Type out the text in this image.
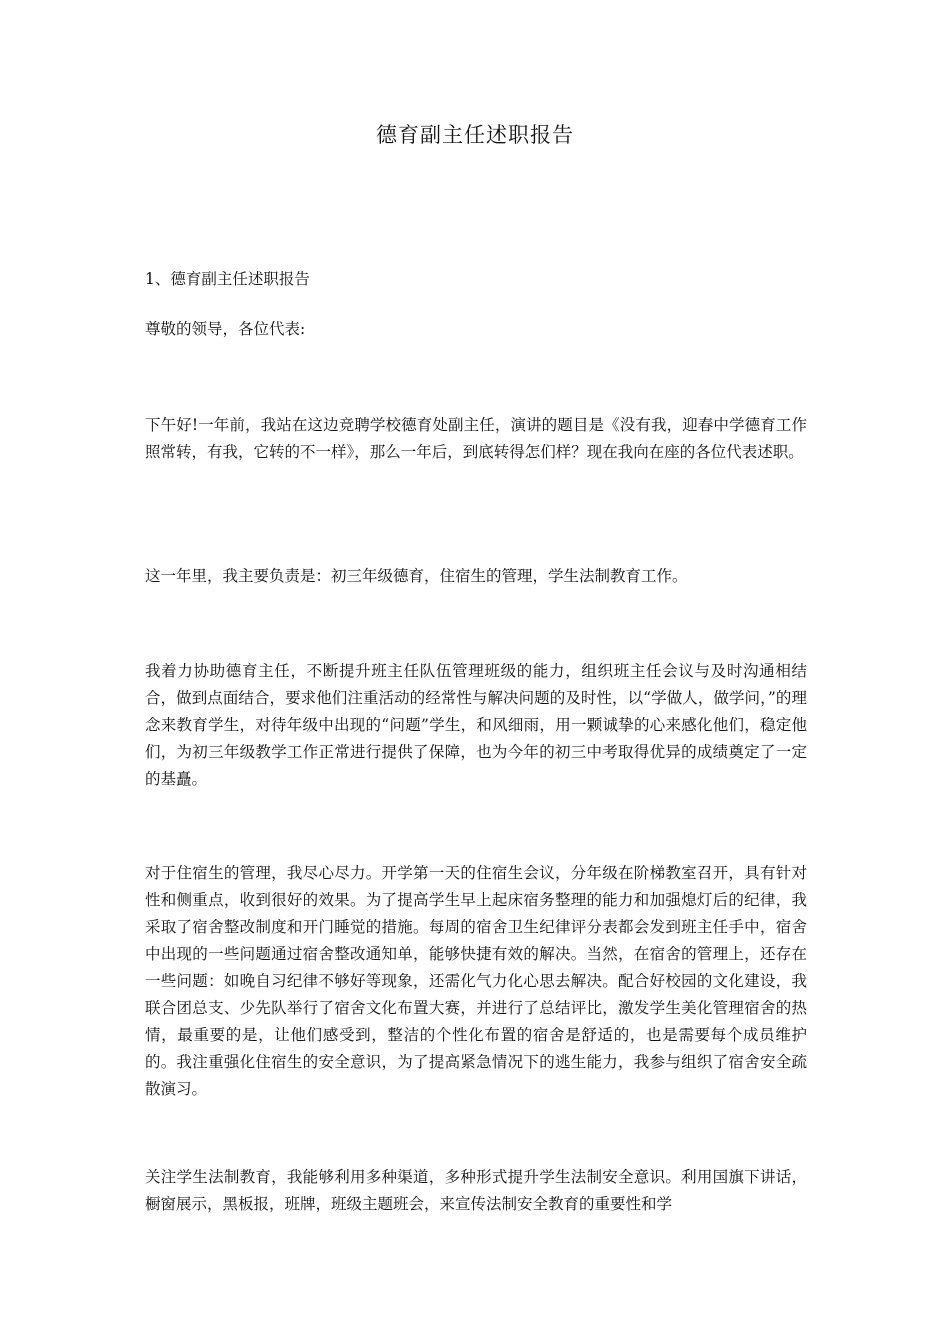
德育副主任述职报告

1、德育副主任述职报告

尊敬的领导，各位代表:

下午好!一年前，我站在这边竞聘学校德育处副主任，演讲的题目是《没有我，迎春中学德育工作照常转，有我，它转的不一样》，那么一年后，到底转得怎们样？现在我向在座的各位代表述职。

这一年里，我主要负责是：初三年级德育，住宿生的管理，学生法制教育工作。

我着力协助德育主任，不断提升班主任队伍管理班级的能力，组织班主任会议与及时沟通相结合，做到点面结合，要求他们注重活动的经常性与解决问题的及时性，以“学做人，做学问，”的理念来教育学生，对待年级中出现的“问题”学生，和风细雨，用一颗诚挚的心来感化他们，稳定他们，为初三年级教学工作正常进行提供了保障，也为今年的初三中考取得优异的成绩奠定了一定的基矗。

对于住宿生的管理，我尽心尽力。开学第一天的住宿生会议，分年级在阶梯教室召开，具有针对性和侧重点，收到很好的效果。为了提高学生早上起床宿务整理的能力和加强熄灯后的纪律，我采取了宿舍整改制度和开门睡觉的措施。每周的宿舍卫生纪律评分表都会发到班主任手中，宿舍中出现的一些问题通过宿舍整改通知单，能够快捷有效的解决。当然，在宿舍的管理上，还存在一些问题：如晚自习纪律不够好等现象，还需化气力化心思去解决。配合好校园的文化建设，我联合团总支、少先队举行了宿舍文化布置大赛，并进行了总结评比，激发学生美化管理宿舍的热情，最重要的是，让他们感受到，整洁的个性化布置的宿舍是舒适的，也是需要每个成员维护的。我注重强化住宿生的安全意识，为了提高紧急情况下的逃生能力，我参与组织了宿舍安全疏散演习。

关注学生法制教育，我能够利用多种渠道，多种形式提升学生法制安全意识。利用国旗下讲话，橱窗展示，黑板报，班牌，班级主题班会，来宣传法制安全教育的重要性和学
